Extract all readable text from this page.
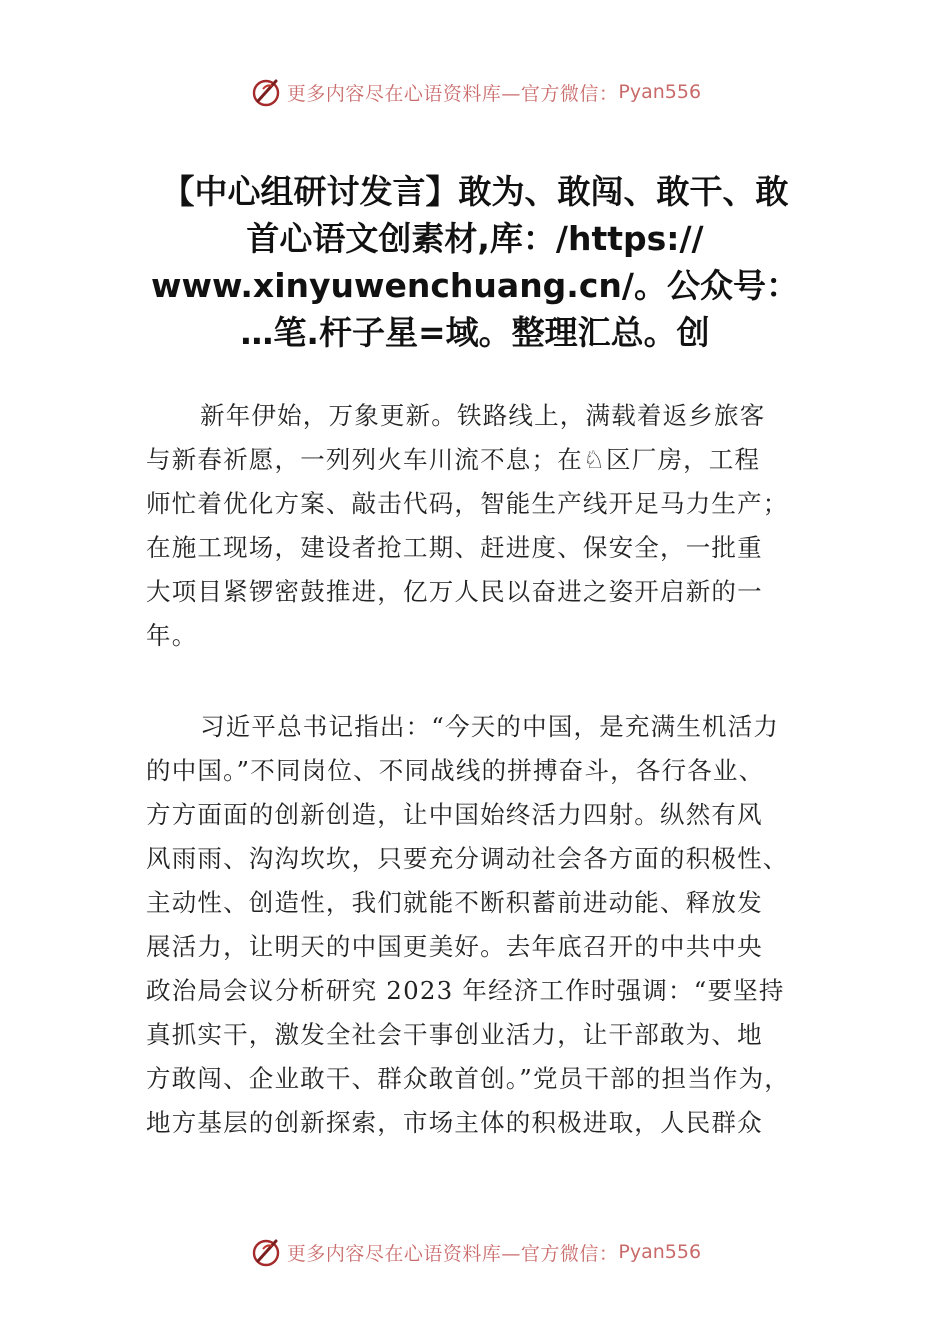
更多内容尽在心语资料库—官方微信： Pyan556
【中心组研讨发言】敢为、敢闯、敢干、敢
首心语文创素材,库：/https://
www.xinyuwenchuang.cn/。公众号：
…笔.杆子星=域。整理汇总。创
新年伊始，万象更新。铁路线上，满载着返乡旅客
与新春祈愿，一列列火车川流不息；在♘区厂房，工程
师忙着优化方案、敲击代码，智能生产线开足马力生产；
在施工现场，建设者抢工期、赶进度、保安全，一批重
大项目紧锣密鼓推进，亿万人民以奋进之姿开启新的一
年。
习近平总书记指出：“今天的中国，是充满生机活力
的中国。”不同岗位、不同战线的拼搏奋斗，各行各业、
方方面面的创新创造，让中国始终活力四射。纵然有风
风雨雨、沟沟坎坎，只要充分调动社会各方面的积极性、
主动性、创造性，我们就能不断积蓄前进动能、释放发
展活力，让明天的中国更美好。去年底召开的中共中央
政治局会议分析研究 2023 年经济工作时强调：“要坚持
真抓实干，激发全社会干事创业活力，让干部敢为、地
方敢闯、企业敢干、群众敢首创。”党员干部的担当作为，
地方基层的创新探索，市场主体的积极进取，人民群众
更多内容尽在心语资料库—官方微信： Pyan556
